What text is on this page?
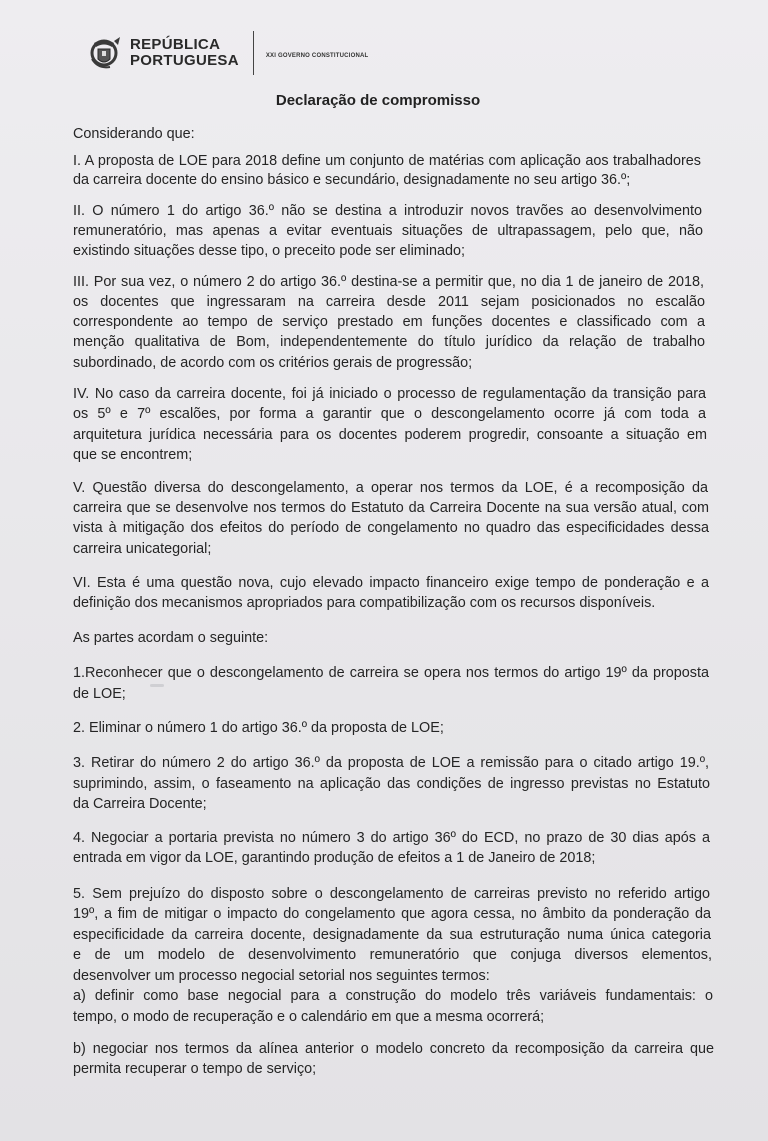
REPÚBLICA
PORTUGUESA	XXI GOVERNO CONSTITUCIONAL
Declaração de compromisso
Considerando que:
I. A proposta de LOE para 2018 define um conjunto de matérias com aplicação aos trabalhadores
da carreira docente do ensino básico e secundário, designadamente no seu artigo 36.º;
II. O número 1 do artigo 36.º não se destina a introduzir novos travões ao desenvolvimento
remuneratório, mas apenas a evitar eventuais situações de ultrapassagem, pelo que, não
existindo situações desse tipo, o preceito pode ser eliminado;
III. Por sua vez, o número 2 do artigo 36.º destina-se a permitir que, no dia 1 de janeiro de 2018,
os docentes que ingressaram na carreira desde 2011 sejam posicionados no escalão
correspondente ao tempo de serviço prestado em funções docentes e classificado com a
menção qualitativa de Bom, independentemente do título jurídico da relação de trabalho
subordinado, de acordo com os critérios gerais de progressão;
IV. No caso da carreira docente, foi já iniciado o processo de regulamentação da transição para
os 5º e 7º escalões, por forma a garantir que o descongelamento ocorre já com toda a
arquitetura jurídica necessária para os docentes poderem progredir, consoante a situação em
que se encontrem;
V. Questão diversa do descongelamento, a operar nos termos da LOE, é a recomposição da
carreira que se desenvolve nos termos do Estatuto da Carreira Docente na sua versão atual, com
vista à mitigação dos efeitos do período de congelamento no quadro das especificidades dessa
carreira unicategorial;
VI. Esta é uma questão nova, cujo elevado impacto financeiro exige tempo de ponderação e a
definição dos mecanismos apropriados para compatibilização com os recursos disponíveis.
As partes acordam o seguinte:
1.Reconhecer que o descongelamento de carreira se opera nos termos do artigo 19º da proposta
de LOE;
2. Eliminar o número 1 do artigo 36.º da proposta de LOE;
3. Retirar do número 2 do artigo 36.º da proposta de LOE a remissão para o citado artigo 19.º,
suprimindo, assim, o faseamento na aplicação das condições de ingresso previstas no Estatuto
da Carreira Docente;
4. Negociar a portaria prevista no número 3 do artigo 36º do ECD, no prazo de 30 dias após a
entrada em vigor da LOE, garantindo produção de efeitos a 1 de Janeiro de 2018;
5. Sem prejuízo do disposto sobre o descongelamento de carreiras previsto no referido artigo
19º, a fim de mitigar o impacto do congelamento que agora cessa, no âmbito da ponderação da
especificidade da carreira docente, designadamente da sua estruturação numa única categoria
e de um modelo de desenvolvimento remuneratório que conjuga diversos elementos,
desenvolver um processo negocial setorial nos seguintes termos:
a) definir como base negocial para a construção do modelo três variáveis fundamentais: o
tempo, o modo de recuperação e o calendário em que a mesma ocorrerá;
b) negociar nos termos da alínea anterior o modelo concreto da recomposição da carreira que
permita recuperar o tempo de serviço;
